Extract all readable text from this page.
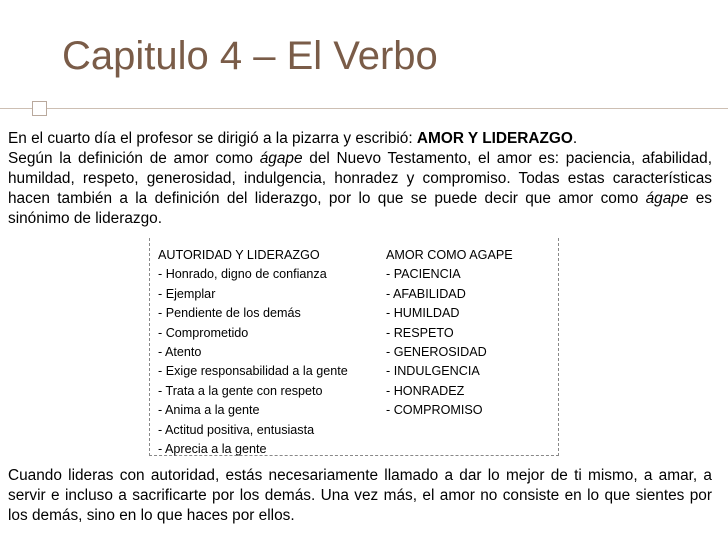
Capitulo 4 – El Verbo
En el cuarto día el profesor se dirigió a la pizarra y escribió: AMOR Y LIDERAZGO.
Según la definición de amor como ágape del Nuevo Testamento, el amor es: paciencia, afabilidad, humildad, respeto, generosidad, indulgencia, honradez y compromiso. Todas estas características hacen también a la definición del liderazgo, por lo que se puede decir que amor como ágape es sinónimo de liderazgo.
AUTORIDAD Y LIDERAZGO
- Honrado, digno de confianza
- Ejemplar
- Pendiente de los demás
- Comprometido
- Atento
- Exige responsabilidad a la gente
- Trata a la gente con respeto
- Anima a la gente
- Actitud positiva, entusiasta
- Aprecia a la gente
AMOR COMO AGAPE
- PACIENCIA
- AFABILIDAD
- HUMILDAD
- RESPETO
- GENEROSIDAD
- INDULGENCIA
- HONRADEZ
- COMPROMISO
Cuando lideras con autoridad, estás necesariamente llamado a dar lo mejor de ti mismo, a amar, a servir e incluso a sacrificarte por los demás. Una vez más, el amor no consiste en lo que sientes por los demás, sino en lo que haces por ellos.
